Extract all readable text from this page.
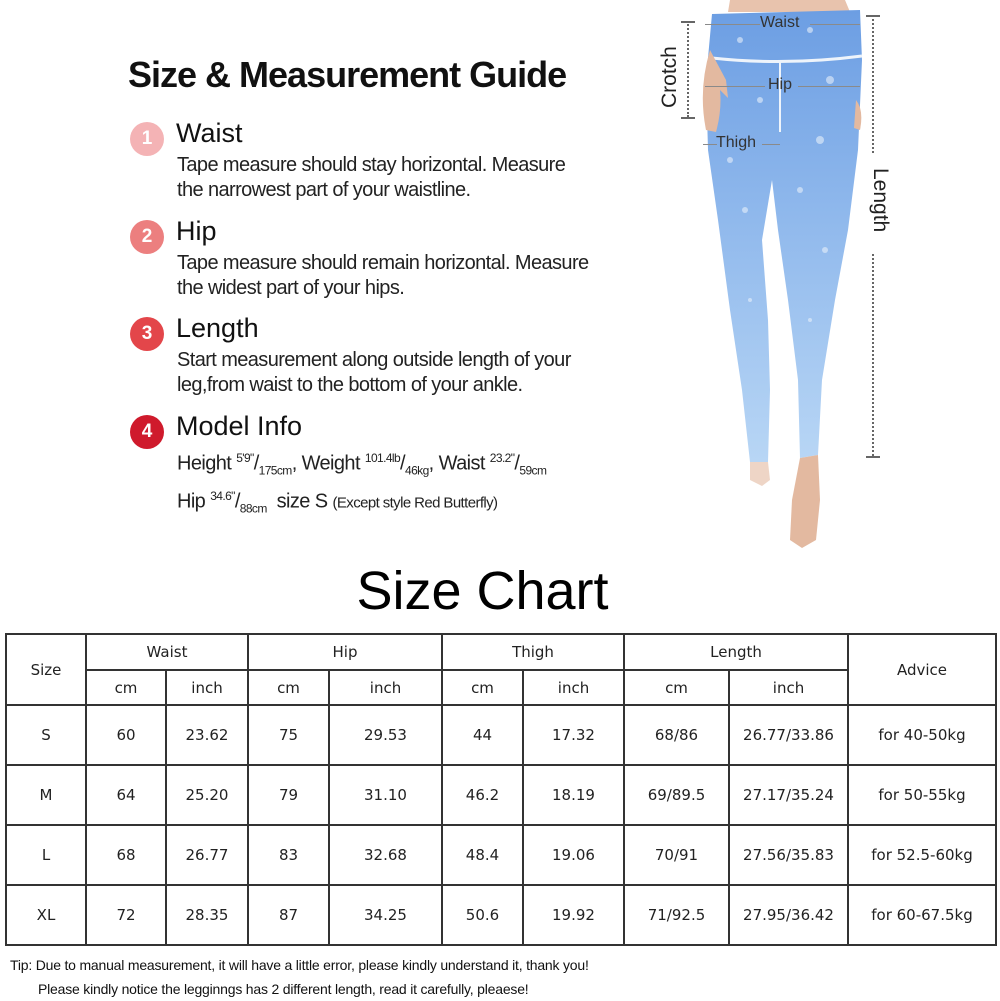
Size & Measurement Guide
1 Waist
Tape measure should stay horizontal. Measure
the narrowest part of your waistline.
2 Hip
Tape measure should remain horizontal. Measure
the widest part of your hips.
3 Length
Start measurement along outside length of your
leg,from waist to the bottom of your ankle.
4 Model Info
Height $^{5'9"}/_{175cm}$, Weight $^{101.4lb}/_{46kg}$, Waist $^{23.2"}/_{59cm}$
Hip $^{34.6"}/_{88cm}$ size S (Except style Red Butterfly)
Waist
Hip
Thigh
Crotch
Length
Size Chart
Size	Waist		Hip		Thigh		Length		Advice
	cm	inch	cm	inch	cm	inch	cm	inch	
S	60	23.62	75	29.53	44	17.32	68/86	26.77/33.86	for 40-50kg
M	64	25.20	79	31.10	46.2	18.19	69/89.5	27.17/35.24	for 50-55kg
L	68	26.77	83	32.68	48.4	19.06	70/91	27.56/35.83	for 52.5-60kg
XL	72	28.35	87	34.25	50.6	19.92	71/92.5	27.95/36.42	for 60-67.5kg
Tip: Due to manual measurement, it will have a little error, please kindly understand it, thank you!
Please kindly notice the legginngs has 2 different length, read it carefully, pleaese!
